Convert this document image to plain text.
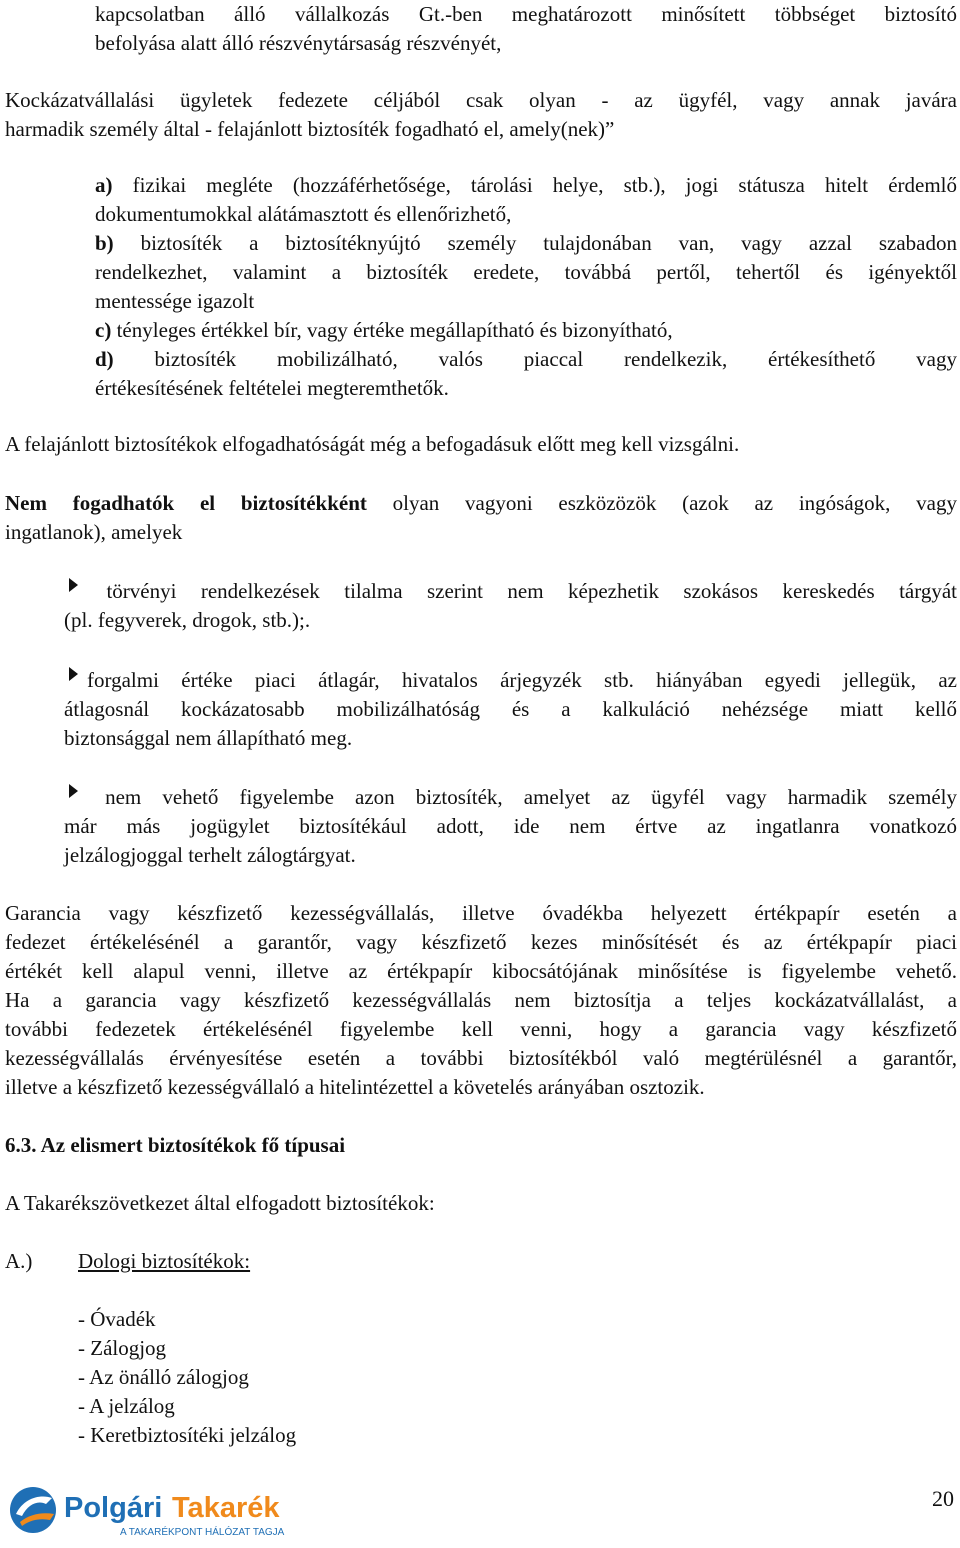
kapcsolatban álló vállalkozás Gt.-ben meghatározott minősített többséget biztosító
befolyása alatt álló részvénytársaság részvényét,

Kockázatvállalási ügyletek fedezete céljából csak olyan - az ügyfél, vagy annak javára
harmadik személy által - felajánlott biztosíték fogadható el, amely(nek)”

a) fizikai megléte (hozzáférhetősége, tárolási helye, stb.), jogi státusza hitelt érdemlő
dokumentumokkal alátámasztott és ellenőrizhető,
b) biztosíték a biztosítéknyújtó személy tulajdonában van, vagy azzal szabadon
rendelkezhet, valamint a biztosíték eredete, továbbá pertől, tehertől és igényektől
mentessége igazolt
c) tényleges értékkel bír, vagy értéke megállapítható és bizonyítható,
d) biztosíték mobilizálható, valós piaccal rendelkezik, értékesíthető vagy
értékesítésének feltételei megteremthetők.

A felajánlott biztosítékok elfogadhatóságát még a befogadásuk előtt meg kell vizsgálni.

Nem fogadhatók el biztosítékként olyan vagyoni eszközözök (azok az ingóságok, vagy
ingatlanok), amelyek

törvényi rendelkezések tilalma szerint nem képezhetik szokásos kereskedés tárgyát
(pl. fegyverek, drogok, stb.);.
forgalmi értéke piaci átlagár, hivatalos árjegyzék stb. hiányában egyedi jellegük, az
átlagosnál kockázatosabb mobilizálhatóság és a kalkuláció nehézsége miatt kellő
biztonsággal nem állapítható meg.
nem vehető figyelembe azon biztosíték, amelyet az ügyfél vagy harmadik személy
már más jogügylet biztosítékául adott, ide nem értve az ingatlanra vonatkozó
jelzálogjoggal terhelt zálogtárgyat.
Garancia vagy készfizető kezességvállalás, illetve óvadékba helyezett értékpapír esetén a
fedezet értékelésénél a garantőr, vagy készfizető kezes minősítését és az értékpapír piaci
értékét kell alapul venni, illetve az értékpapír kibocsátójának minősítése is figyelembe vehető.
Ha a garancia vagy készfizető kezességvállalás nem biztosítja a teljes kockázatvállalást, a
további fedezetek értékelésénél figyelembe kell venni, hogy a garancia vagy készfizető
kezességvállalás érvényesítése esetén a további biztosítékból való megtérülésnél a garantőr,
illetve a készfizető kezességvállaló a hitelintézettel a követelés arányában osztozik.
6.3. Az elismert biztosítékok fő típusai

A Takarékszövetkezet által elfogadott biztosítékok:

A.) Dologi biztosítékok:
- Óvadék
- Zálogjog
- Az önálló zálogjog
- A jelzálog
- Keretbiztosítéki jelzálog
Polgári Takarék
A TAKARÉKPONT HÁLÓZAT TAGJA
20
